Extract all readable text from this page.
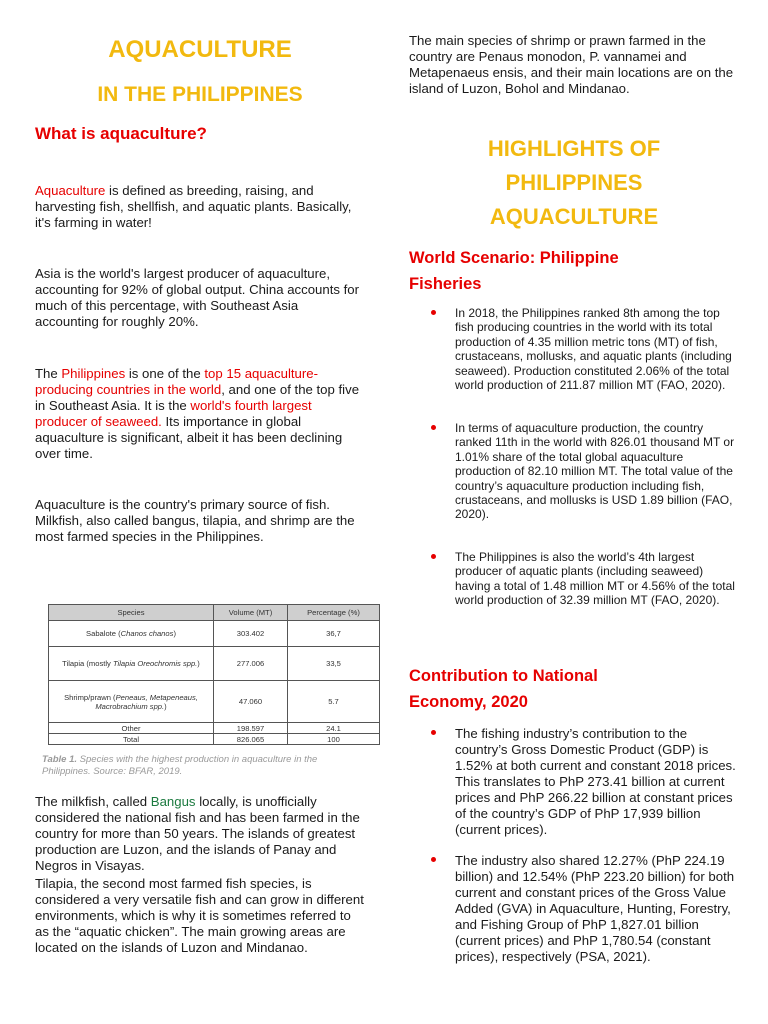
AQUACULTURE
IN THE PHILIPPINES
What is aquaculture?

Aquaculture is defined as breeding, raising, and harvesting fish, shellfish, and aquatic plants. Basically, it's farming in water!

Asia is the world's largest producer of aquaculture, accounting for 92% of global output. China accounts for much of this percentage, with Southeast Asia accounting for roughly 20%.

The Philippines is one of the top 15 aquaculture-producing countries in the world, and one of the top five in Southeast Asia. It is the world's fourth largest producer of seaweed. Its importance in global aquaculture is significant, albeit it has been declining over time.

Aquaculture is the country's primary source of fish. Milkfish, also called bangus, tilapia, and shrimp are the most farmed species in the Philippines.

Species	Volume (MT)	Percentage (%)
Sabalote (Chanos chanos)	303.402	36,7
Tilapia (mostly Tilapia Oreochromis spp.)	277.006	33,5
Shrimp/prawn (Peneaus, Metapeneaus, Macrobrachium spp.)	47.060	5.7
Other	198.597	24.1
Total	826.065	100
Table 1. Species with the highest production in aquaculture in the Philippines. Source: BFAR, 2019.

The milkfish, called Bangus locally, is unofficially considered the national fish and has been farmed in the country for more than 50 years. The islands of greatest production are Luzon, and the islands of Panay and Negros in Visayas.

Tilapia, the second most farmed fish species, is considered a very versatile fish and can grow in different environments, which is why it is sometimes referred to as the “aquatic chicken”. The main growing areas are located on the islands of Luzon and Mindanao.

The main species of shrimp or prawn farmed in the country are Penaus monodon, P. vannamei and Metapenaeus ensis, and their main locations are on the island of Luzon, Bohol and Mindanao.

HIGHLIGHTS OF
PHILIPPINES
AQUACULTURE
World Scenario: Philippine
Fisheries
In 2018, the Philippines ranked 8th among the top fish producing countries in the world with its total production of 4.35 million metric tons (MT) of fish, crustaceans, mollusks, and aquatic plants (including seaweed). Production constituted 2.06% of the total world production of 211.87 million MT (FAO, 2020).
In terms of aquaculture production, the country ranked 11th in the world with 826.01 thousand MT or 1.01% share of the total global aquaculture production of 82.10 million MT. The total value of the country’s aquaculture production including fish, crustaceans, and mollusks is USD 1.89 billion (FAO, 2020).
The Philippines is also the world’s 4th largest producer of aquatic plants (including seaweed) having a total of 1.48 million MT or 4.56% of the total world production of 32.39 million MT (FAO, 2020).
Contribution to National
Economy, 2020
The fishing industry’s contribution to the country’s Gross Domestic Product (GDP) is 1.52% at both current and constant 2018 prices. This translates to PhP 273.41 billion at current prices and PhP 266.22 billion at constant prices of the country’s GDP of PhP 17,939 billion (current prices).
The industry also shared 12.27% (PhP 224.19 billion) and 12.54% (PhP 223.20 billion) for both current and constant prices of the Gross Value Added (GVA) in Aquaculture, Hunting, Forestry, and Fishing Group of PhP 1,827.01 billion (current prices) and PhP 1,780.54 (constant prices), respectively (PSA, 2021).
